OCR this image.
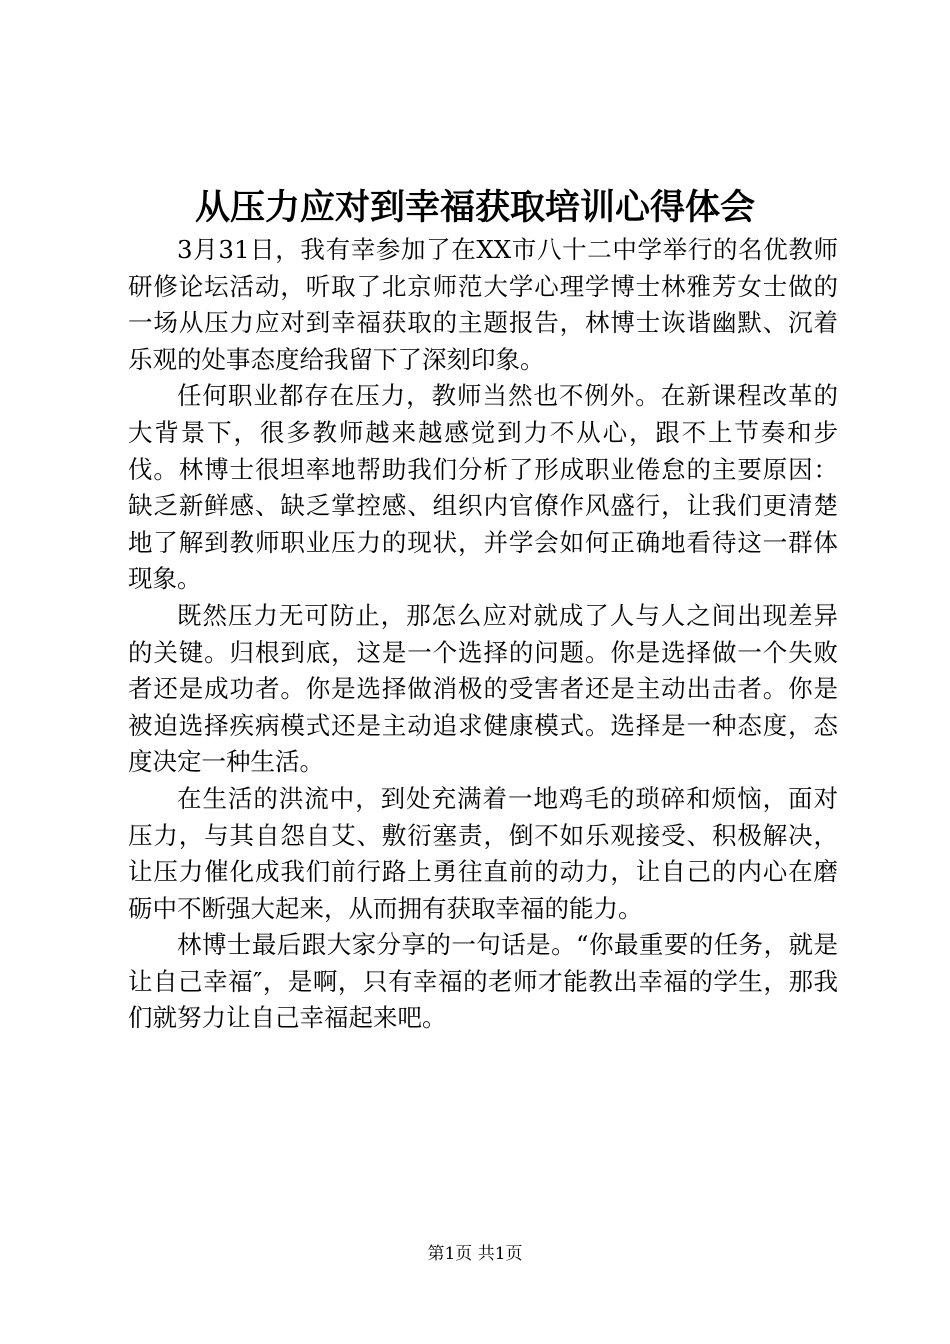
从压力应对到幸福获取培训心得体会

3月31日，我有幸参加了在XX市八十二中学举行的名优教师研修论坛活动，听取了北京师范大学心理学博士林雅芳女士做的一场从压力应对到幸福获取的主题报告，林博士诙谐幽默、沉着乐观的处事态度给我留下了深刻印象。

任何职业都存在压力，教师当然也不例外。在新课程改革的大背景下，很多教师越来越感觉到力不从心，跟不上节奏和步伐。林博士很坦率地帮助我们分析了形成职业倦怠的主要原因：缺乏新鲜感、缺乏掌控感、组织内官僚作风盛行，让我们更清楚地了解到教师职业压力的现状，并学会如何正确地看待这一群体现象。

既然压力无可防止，那怎么应对就成了人与人之间出现差异的关键。归根到底，这是一个选择的问题。你是选择做一个失败者还是成功者。你是选择做消极的受害者还是主动出击者。你是被迫选择疾病模式还是主动追求健康模式。选择是一种态度，态度决定一种生活。

在生活的洪流中，到处充满着一地鸡毛的琐碎和烦恼，面对压力，与其自怨自艾、敷衍塞责，倒不如乐观接受、积极解决，让压力催化成我们前行路上勇往直前的动力，让自己的内心在磨砺中不断强大起来，从而拥有获取幸福的能力。

林博士最后跟大家分享的一句话是。“你最重要的任务，就是让自己幸福″，是啊，只有幸福的老师才能教出幸福的学生，那我们就努力让自己幸福起来吧。

第1页 共1页
